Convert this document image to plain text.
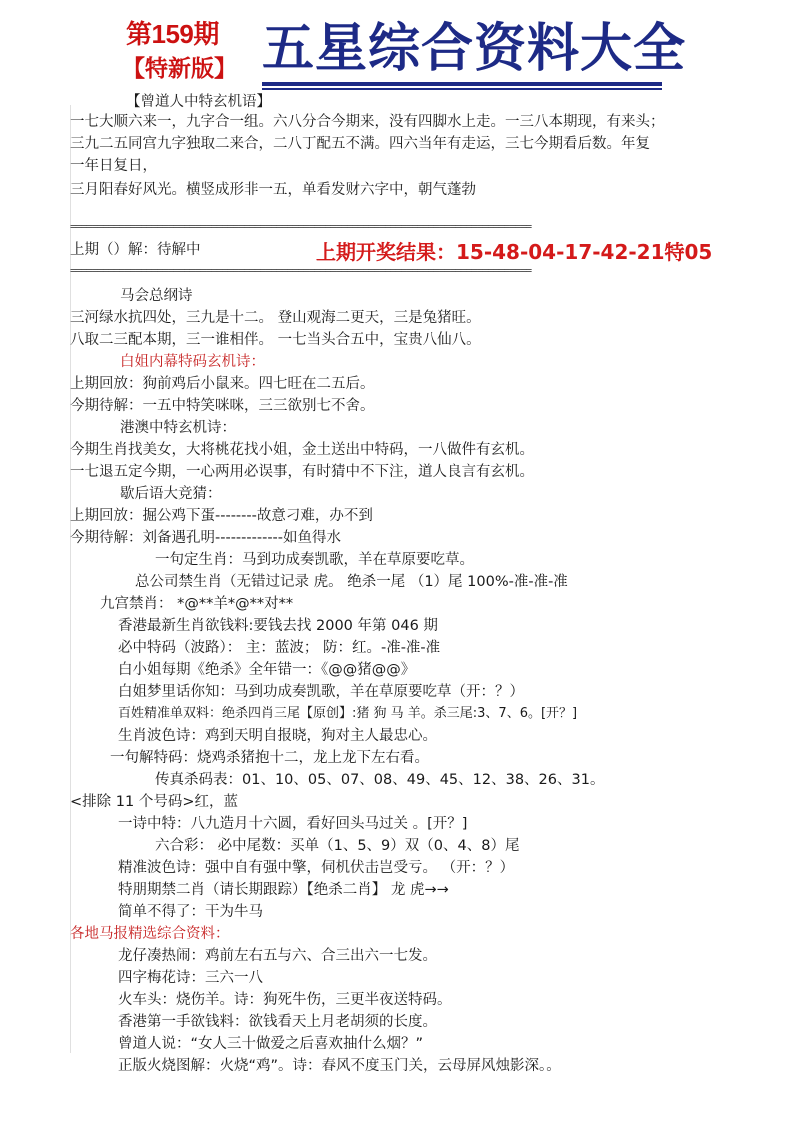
第159期
【特新版】 五星综合资料大全
【曾道人中特玄机语】
一七大顺六来一，九字合一组。六八分合今期来，没有四脚水上走。一三八本期现，有来头；
三九二五同宫九字独取二来合，二八丁配五不满。四六当年有走运，三七今期看后数。年复
一年日复日，
三月阳春好风光。横竖成形非一五，单看发财六字中，朝气蓬勃
=====================================================================================
上期（）解：待解中	上期开奖结果：15-48-04-17-42-21特05
=====================================================================================
马会总纲诗
三河绿水抗四处，三九是十二。 登山观海二更天，三是兔猪旺。
八取二三配本期，三一谁相伴。 一七当头合五中，宝贵八仙八。
白姐内幕特码玄机诗：
上期回放：狗前鸡后小鼠来。四七旺在二五后。
今期待解：一五中特笑咪咪，三三欲别七不舍。
港澳中特玄机诗：
今期生肖找美女，大将桃花找小姐，金土送出中特码，一八做件有玄机。
一七退五定今期，一心两用必误事，有时猜中不下注，道人良言有玄机。
歇后语大竞猜：
上期回放：掘公鸡下蛋--------故意刁难，办不到
今期待解：刘备遇孔明-------------如鱼得水
一句定生肖：马到功成奏凯歌，羊在草原要吃草。
总公司禁生肖（无错过记录 虎。 绝杀一尾 （1）尾 100%-准-准-准
九宫禁肖： *@**羊*@**对**
香港最新生肖欲钱料:要钱去找 2000 年第 046 期
必中特码（波路）： 主：蓝波； 防：红。-准-准-准
白小姐每期《绝杀》全年错一：《@@猪@@》
白姐梦里话你知：马到功成奏凯歌，羊在草原要吃草（开：？）
百姓精准单双料：绝杀四肖三尾【原创】:猪 狗 马 羊。杀三尾:3、7、6。[开？]
生肖波色诗：鸡到天明自报晓，狗对主人最忠心。
一句解特码：烧鸡杀猪抱十二，龙上龙下左右看。
传真杀码表：01、10、05、07、08、49、45、12、38、26、31。
<排除 11 个号码>红，蓝
一诗中特：八九造月十六圆，看好回头马过关 。[开？]
六合彩： 必中尾数：买单（1、5、9）双（0、4、8）尾
精准波色诗：强中自有强中擎，伺机伏击岂受亏。 （开：？）
特朋期禁二肖（请长期跟踪）【绝杀二肖】 龙 虎→→
简单不得了：干为牛马
各地马报精选综合资料：
龙仔凑热闹：鸡前左右五与六、合三出六一七发。
四字梅花诗：三六一八
火车头：烧伤羊。诗：狗死牛伤，三更半夜送特码。
香港第一手欲钱料：欲钱看天上月老胡须的长度。
曾道人说：“女人三十做爱之后喜欢抽什么烟？”
正版火烧图解：火烧“鸡”。诗：春风不度玉门关，云母屏风烛影深。。
